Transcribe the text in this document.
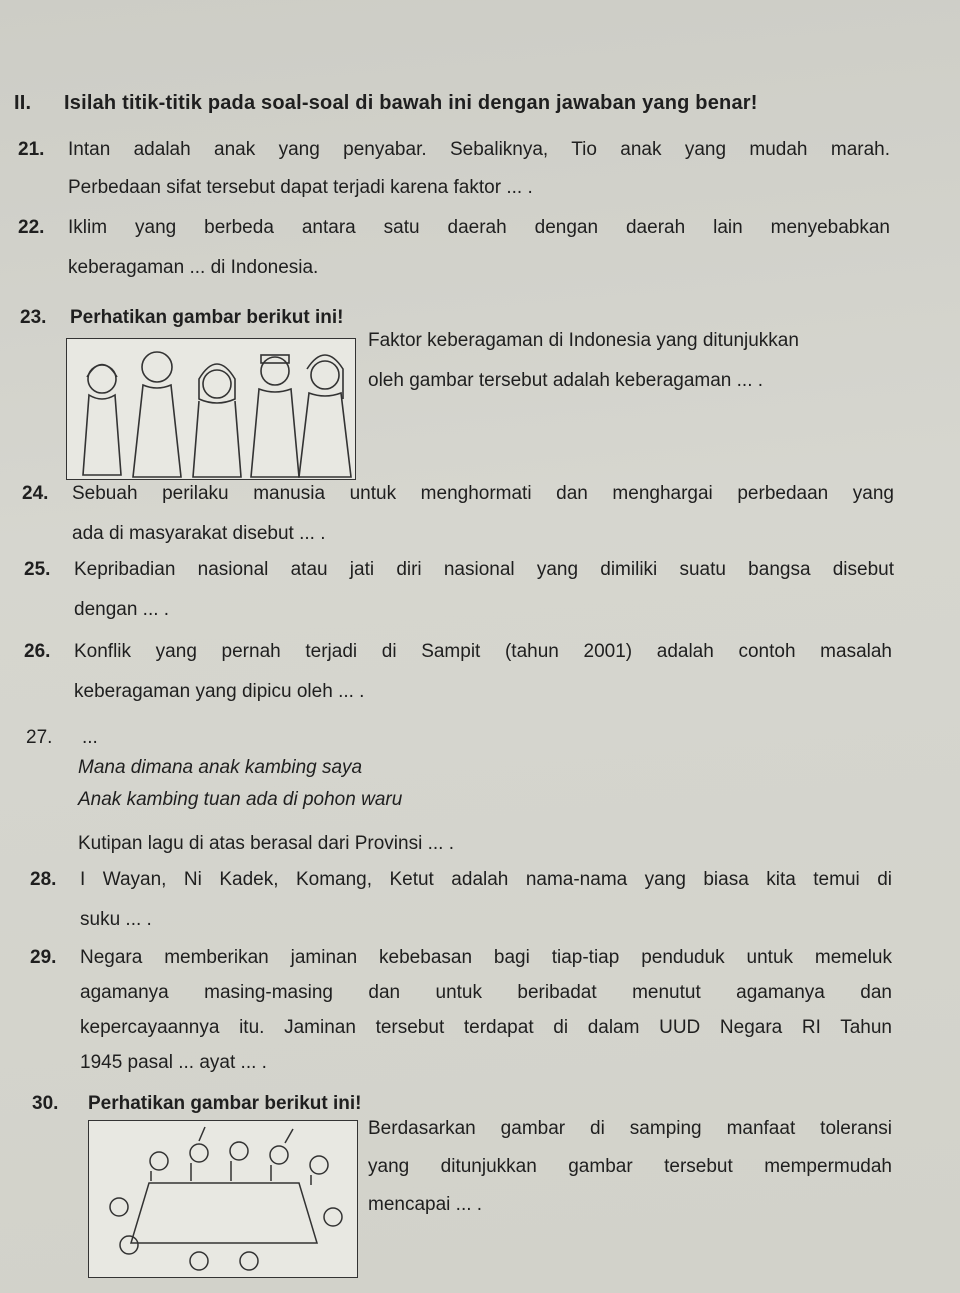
II. Isilah titik-titik pada soal-soal di bawah ini dengan jawaban yang benar!
21. Intan adalah anak yang penyabar. Sebaliknya, Tio anak yang mudah marah.
Perbedaan sifat tersebut dapat terjadi karena faktor ... .
22. Iklim yang berbeda antara satu daerah dengan daerah lain menyebabkan
keberagaman ... di Indonesia.
23. Perhatikan gambar berikut ini!
Faktor keberagaman di Indonesia yang ditunjukkan
oleh gambar tersebut adalah keberagaman ... .
24. Sebuah perilaku manusia untuk menghormati dan menghargai perbedaan yang
ada di masyarakat disebut ... .
25. Kepribadian nasional atau jati diri nasional yang dimiliki suatu bangsa disebut
dengan ... .
26. Konflik yang pernah terjadi di Sampit (tahun 2001) adalah contoh masalah
keberagaman yang dipicu oleh ... .
27. ...
Mana dimana anak kambing saya
Anak kambing tuan ada di pohon waru
Kutipan lagu di atas berasal dari Provinsi ... .
28. I Wayan, Ni Kadek, Komang, Ketut adalah nama-nama yang biasa kita temui di
suku ... .
29. Negara memberikan jaminan kebebasan bagi tiap-tiap penduduk untuk memeluk
agamanya masing-masing dan untuk beribadat menutut agamanya dan
kepercayaannya itu. Jaminan tersebut terdapat di dalam UUD Negara RI Tahun
1945 pasal ... ayat ... .
30. Perhatikan gambar berikut ini!
Berdasarkan gambar di samping manfaat toleransi
yang ditunjukkan gambar tersebut mempermudah
mencapai ... .
